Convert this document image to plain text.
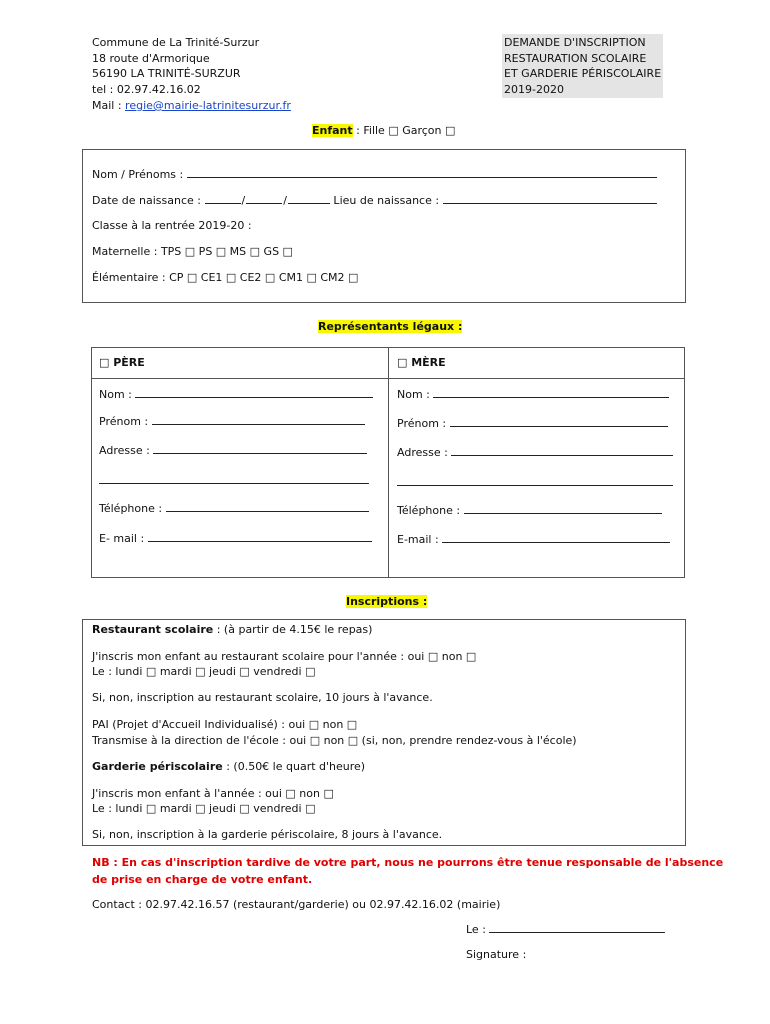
Commune de La Trinité-Surzur
18 route d'Armorique
56190 LA TRINITÉ-SURZUR
tel : 02.97.42.16.02
Mail : regie@mairie-latrinitesurzur.fr
DEMANDE D'INSCRIPTION
RESTAURATION SCOLAIRE
ET GARDERIE PÉRISCOLAIRE
2019-2020
Enfant : Fille □ Garçon □
Nom / Prénoms :
Date de naissance :	/	/	Lieu de naissance :
Classe à la rentrée 2019-20 :
Maternelle : TPS □ PS □ MS □ GS □
Élémentaire : CP □ CE1 □ CE2 □ CM1 □ CM2 □
Représentants légaux :
□ PÈRE
Nom :
Prénom :
Adresse :
Téléphone :
E- mail :
□ MÈRE
Nom :
Prénom :
Adresse :
Téléphone :
E-mail :
Inscriptions :
Restaurant scolaire : (à partir de 4.15€ le repas)
J'inscris mon enfant au restaurant scolaire pour l'année : oui □ non □
Le : lundi □ mardi □ jeudi □ vendredi □
Si, non, inscription au restaurant scolaire, 10 jours à l'avance.
PAI (Projet d'Accueil Individualisé) : oui □ non □
Transmise à la direction de l'école : oui □ non □ (si, non, prendre rendez-vous à l'école)
Garderie périscolaire : (0.50€ le quart d'heure)
J'inscris mon enfant à l'année : oui □ non □
Le : lundi □ mardi □ jeudi □ vendredi □
Si, non, inscription à la garderie périscolaire, 8 jours à l'avance.
NB : En cas d'inscription tardive de votre part, nous ne pourrons être tenue responsable de l'absence
de prise en charge de votre enfant.
Contact : 02.97.42.16.57 (restaurant/garderie) ou 02.97.42.16.02 (mairie)
Le :
Signature :
